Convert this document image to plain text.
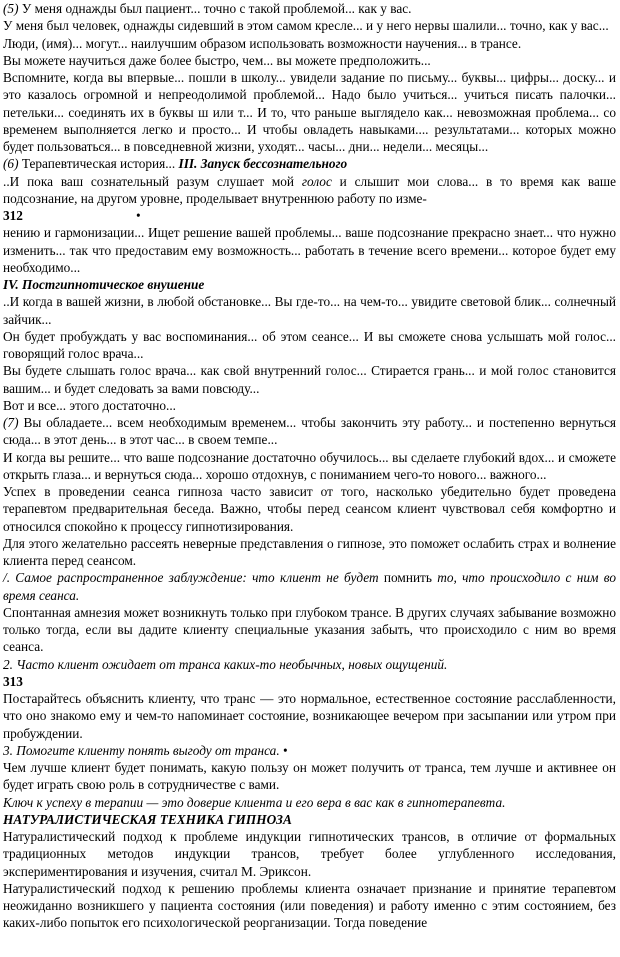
(5) У меня однажды был пациент... точно с такой проблемой... как у вас.

У меня был человек, однажды сидевший в этом самом кресле... и у него нервы шалили... точно, как у вас...

Люди, (имя)... могут... наилучшим образом использовать возможности научения... в трансе.

Вы можете научиться даже более быстро, чем... вы можете предположить...

Вспомните, когда вы впервые... пошли в школу... увидели задание по письму... буквы... цифры... доску... и это казалось огромной и непреодолимой проблемой... Надо было учиться... учиться писать палочки... петельки... соединять их в буквы ш или т... И то, что раньше выглядело как... невозможная проблема... со временем выполняется легко и просто... И чтобы овладеть навыками.... результатами... которых можно будет пользоваться... в повседневной жизни, уходят... часы... дни... недели... месяцы...

(6) Терапевтическая история... III. Запуск бессознательного

..И пока ваш сознательный разум слушает мой голос и слышит мои слова... в то время как ваше подсознание, на другом уровне, проделывает внутреннюю работу по изме-

312	•

нению и гармонизации... Ищет решение вашей проблемы... ваше подсознание прекрасно знает... что нужно изменить... так что предоставим ему возможность... работать в течение всего времени... которое будет ему необходимо...

IV. Постгипнотическое внушение

..И когда в вашей жизни, в любой обстановке... Вы где-то... на чем-то... увидите световой блик... солнечный зайчик...

Он будет пробуждать у вас воспоминания... об этом сеансе... И вы сможете снова услышать мой голос... говорящий голос врача...

Вы будете слышать голос врача... как свой внутренний голос... Стирается грань... и мой голос становится вашим... и будет следовать за вами повсюду...

Вот и все... этого достаточно...

(7) Вы обладаете... всем необходимым временем... чтобы закончить эту работу... и постепенно вернуться сюда... в этот день... в этот час... в своем темпе...

И когда вы решите... что ваше подсознание достаточно обучилось... вы сделаете глубокий вдох... и сможете открыть глаза... и вернуться сюда... хорошо отдохнув, с пониманием чего-то нового... важного...

Успех в проведении сеанса гипноза часто зависит от того, насколько убедительно будет проведена терапевтом предварительная беседа. Важно, чтобы перед сеансом клиент чувствовал себя комфортно и относился спокойно к процессу гипнотизирования.

Для этого желательно рассеять неверные представления о гипнозе, это поможет ослабить страх и волнение клиента перед сеансом.

/. Самое распространенное заблуждение: что клиент не будет помнить то, что происходило с ним во время сеанса.

Спонтанная амнезия может возникнуть только при глубоком трансе. В других случаях забывание возможно только тогда, если вы дадите клиенту специальные указания забыть, что происходило с ним во время сеанса.

2. Часто клиент ожидает от транса каких-то необычных, новых ощущений.

313

Постарайтесь объяснить клиенту, что транс — это нормальное, естественное состояние расслабленности, что оно знакомо ему и чем-то напоминает состояние, возникающее вечером при засыпании или утром при пробуждении.

3. Помогите клиенту понять выгоду от транса. •

Чем лучше клиент будет понимать, какую пользу он может получить от транса, тем лучше и активнее он будет играть свою роль в сотрудничестве с вами.

Ключ к успеху в терапии — это доверие клиента и его вера в вас как в гипнотерапевта.

НАТУРАЛИСТИЧЕСКАЯ ТЕХНИКА ГИПНОЗА

Натуралистический подход к проблеме индукции гипнотических трансов, в отличие от формальных традиционных методов индукции трансов, требует более углубленного исследования, экспериментирования и изучения, считал М. Эриксон.

Натуралистический подход к решению проблемы клиента означает признание и принятие терапевтом неожиданно возникшего у пациента состояния (или поведения) и работу именно с этим состоянием, без каких-либо попыток его психологической реорганизации. Тогда поведение
